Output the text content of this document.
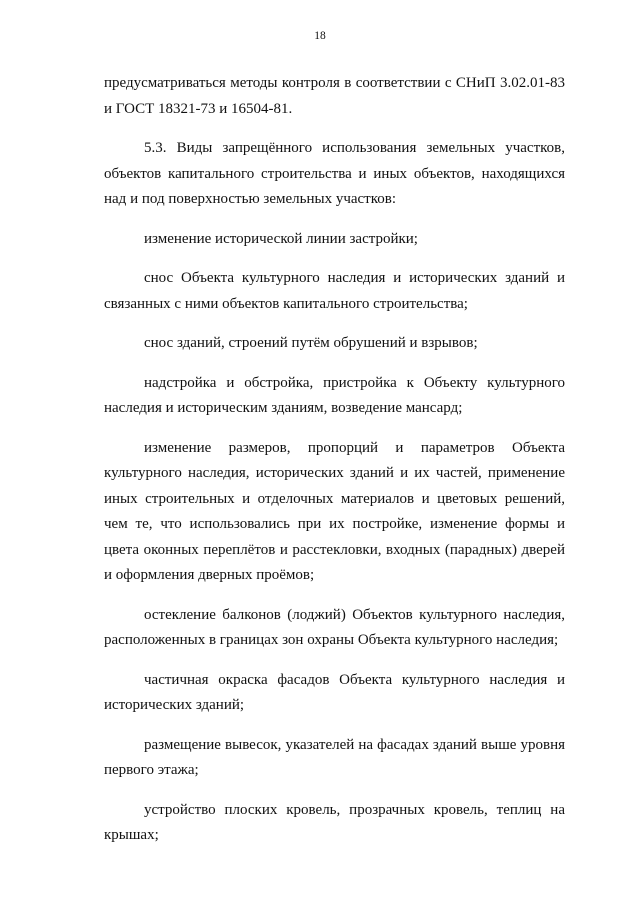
18

предусматриваться методы контроля в соответствии с СНиП 3.02.01-83 и ГОСТ 18321-73 и 16504-81.

5.3. Виды запрещённого использования земельных участков, объектов капитального строительства и иных объектов, находящихся над и под поверхностью земельных участков:

изменение исторической линии застройки;

снос Объекта культурного наследия и исторических зданий и связанных с ними объектов капитального строительства;

снос зданий, строений путём обрушений и взрывов;

надстройка и обстройка, пристройка к Объекту культурного наследия и историческим зданиям, возведение мансард;

изменение размеров, пропорций и параметров Объекта культурного наследия, исторических зданий и их частей, применение иных строительных и отделочных материалов и цветовых решений, чем те, что использовались при их постройке, изменение формы и цвета оконных переплётов и расстекловки, входных (парадных) дверей и оформления дверных проёмов;

остекление балконов (лоджий) Объектов культурного наследия, расположенных в границах зон охраны Объекта культурного наследия;

частичная окраска фасадов Объекта культурного наследия и исторических зданий;

размещение вывесок, указателей на фасадах зданий выше уровня первого этажа;

устройство плоских кровель, прозрачных кровель, теплиц на крышах;
